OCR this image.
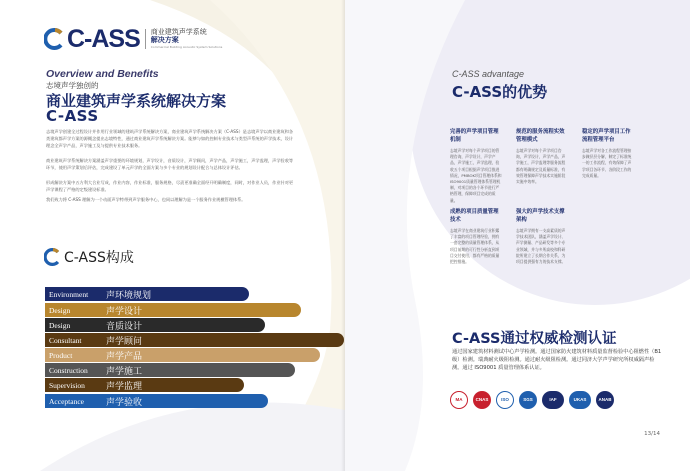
C-ASS 商业建筑声学系统
解决方案
Commercial Building Acoustic System Solutions
Overview and Benefits
志境声学独创的
商业建筑声学系统解决方案
C-ASS
志境声学创建全过程设计并作用行业领域的建筑声学系统解决方案，商业建筑声学系统解决方案（C-ASS）是志境声学以商业建筑和各类建筑都声学方案的源概念提出志境特性，通过商业建筑声学系统解决方案。能够与如的控制专业技术与类型声系统的声学技术，设计理念全声学产品，声学施工及与提供专业技术服务。
商业建筑声学系统解决方案涵盖声学重要的环境规划，声学设计，音质设计，声学顾问，声学产品，声学施工，声学监理，声学验收等环节，使用声学策划后评估，完成建设了单元声学的全面方案与多个专业的规划设计配合与总体设计评估。
形成解决方案中五方利大合业写成，作业内容，作业标准，服务规格，尽责更准确全面经开明确制度，同时，对作业人员，作业针对更声学课程了严格的定级建设标准。
我们致力将 C-ASS 理解为一个动面声学特带到声学服务中心，也同以理解为是一个服务作业规模管理体系。
C-ASS构成
Environment	声环境规划
Design	声学设计
Design	音质设计
Consultant	声学顾问
Product	声学产品
Construction	声学施工
Supervision	声学监理
Acceptance	声学验收
C-ASS advantage
C-ASS的优势
完善的声学项目管理机制
志境声学对每个声学项目的管理咨询，声学设计，声学产品，声学施工，声学监理，验收五个项目根据声学项目推进情况，PMBOK项目管理体系和ISO9001质量管理体系管理机制，对项目的各个环节进行严格管理，保障项目完成的质量。
规范的服务流程实效管理模式
志境声学对每个声学项目咨询，声学设计，声学产品，声学施工，声学监理等服务流程都有明确规定及质量标准，有效管理保障声学技术实施阶段实施中效率。
稳定的声学项目工作流程管理平台
志境声学对各工作流程管理按步骤层层分解，制定了标准统一的工作流程，有效保障了声学项目各环节、各阶段工作的完成质量。
成熟的项目质量管理技术
志境声学在商业建筑行业积累了丰富的项目管理经验，拥有一套完整的质量管理体系，从项目前期的可行性分析直到项目交付使用，都有严格的质量把控措施。
强大的声学技术支撑架构
志境声学拥有一支高素质的声学技术团队，涵盖声学设计、声学测量、产品研发等多个专业领域，并与多所高校和科研院所建立了长期合作关系，为项目提供强有力的技术支撑。
C-ASS通过权威检测认证
通过国家建筑材料测试中心声学检测。通过国家防火建筑材料质量监督检验中心阻燃性（B1级）检测。瑞典耐火级阻检测。通过耐火级阻检测。通过同济大学声学研究所权威隔声检测。通过 ISO9001 质量管理体系认证。
MA	CNAS	ISO	SGS	IAF	UKAS	ANAB
13/14
